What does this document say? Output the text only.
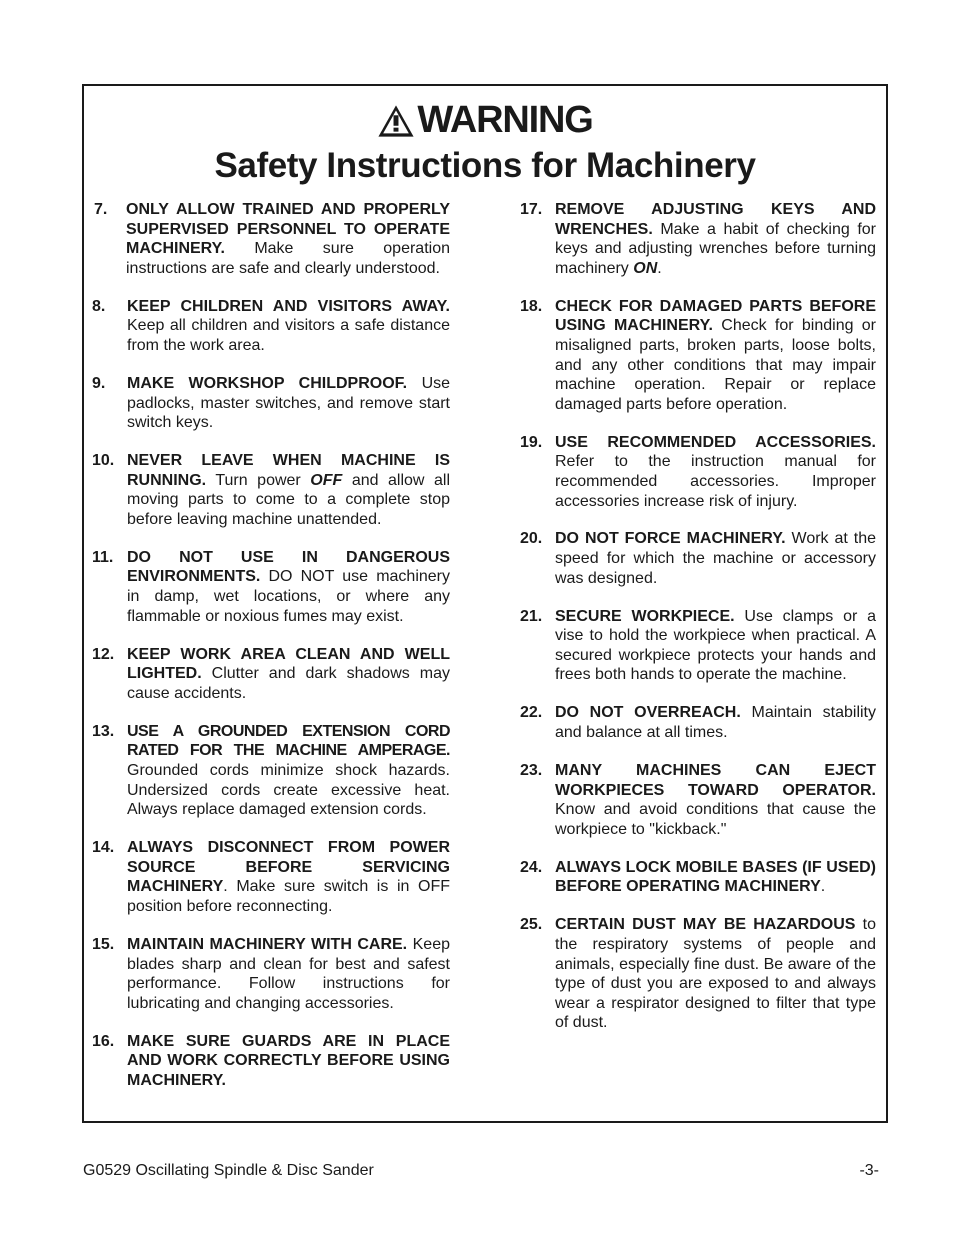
WARNING
Safety Instructions for Machinery
7. ONLY ALLOW TRAINED AND PROPERLY SUPERVISED PERSONNEL TO OPERATE MACHINERY. Make sure operation instructions are safe and clearly understood.
8. KEEP CHILDREN AND VISITORS AWAY. Keep all children and visitors a safe distance from the work area.
9. MAKE WORKSHOP CHILDPROOF. Use padlocks, master switches, and remove start switch keys.
10. NEVER LEAVE WHEN MACHINE IS RUNNING. Turn power OFF and allow all moving parts to come to a complete stop before leaving machine unattended.
11. DO NOT USE IN DANGEROUS ENVIRONMENTS. DO NOT use machinery in damp, wet locations, or where any flammable or noxious fumes may exist.
12. KEEP WORK AREA CLEAN AND WELL LIGHTED. Clutter and dark shadows may cause accidents.
13. USE A GROUNDED EXTENSION CORD RATED FOR THE MACHINE AMPERAGE. Grounded cords minimize shock hazards. Undersized cords create excessive heat. Always replace damaged extension cords.
14. ALWAYS DISCONNECT FROM POWER SOURCE BEFORE SERVICING MACHINERY. Make sure switch is in OFF position before reconnecting.
15. MAINTAIN MACHINERY WITH CARE. Keep blades sharp and clean for best and safest performance. Follow instructions for lubricating and changing accessories.
16. MAKE SURE GUARDS ARE IN PLACE AND WORK CORRECTLY BEFORE USING MACHINERY.
17. REMOVE ADJUSTING KEYS AND WRENCHES. Make a habit of checking for keys and adjusting wrenches before turning machinery ON.
18. CHECK FOR DAMAGED PARTS BEFORE USING MACHINERY. Check for binding or misaligned parts, broken parts, loose bolts, and any other conditions that may impair machine operation. Repair or replace damaged parts before operation.
19. USE RECOMMENDED ACCESSORIES. Refer to the instruction manual for recommended accessories. Improper accessories increase risk of injury.
20. DO NOT FORCE MACHINERY. Work at the speed for which the machine or accessory was designed.
21. SECURE WORKPIECE. Use clamps or a vise to hold the workpiece when practical. A secured workpiece protects your hands and frees both hands to operate the machine.
22. DO NOT OVERREACH. Maintain stability and balance at all times.
23. MANY MACHINES CAN EJECT WORKPIECES TOWARD OPERATOR. Know and avoid conditions that cause the workpiece to "kickback."
24. ALWAYS LOCK MOBILE BASES (IF USED) BEFORE OPERATING MACHINERY.
25. CERTAIN DUST MAY BE HAZARDOUS to the respiratory systems of people and animals, especially fine dust. Be aware of the type of dust you are exposed to and always wear a respirator designed to filter that type of dust.
G0529 Oscillating Spindle & Disc Sander	-3-
